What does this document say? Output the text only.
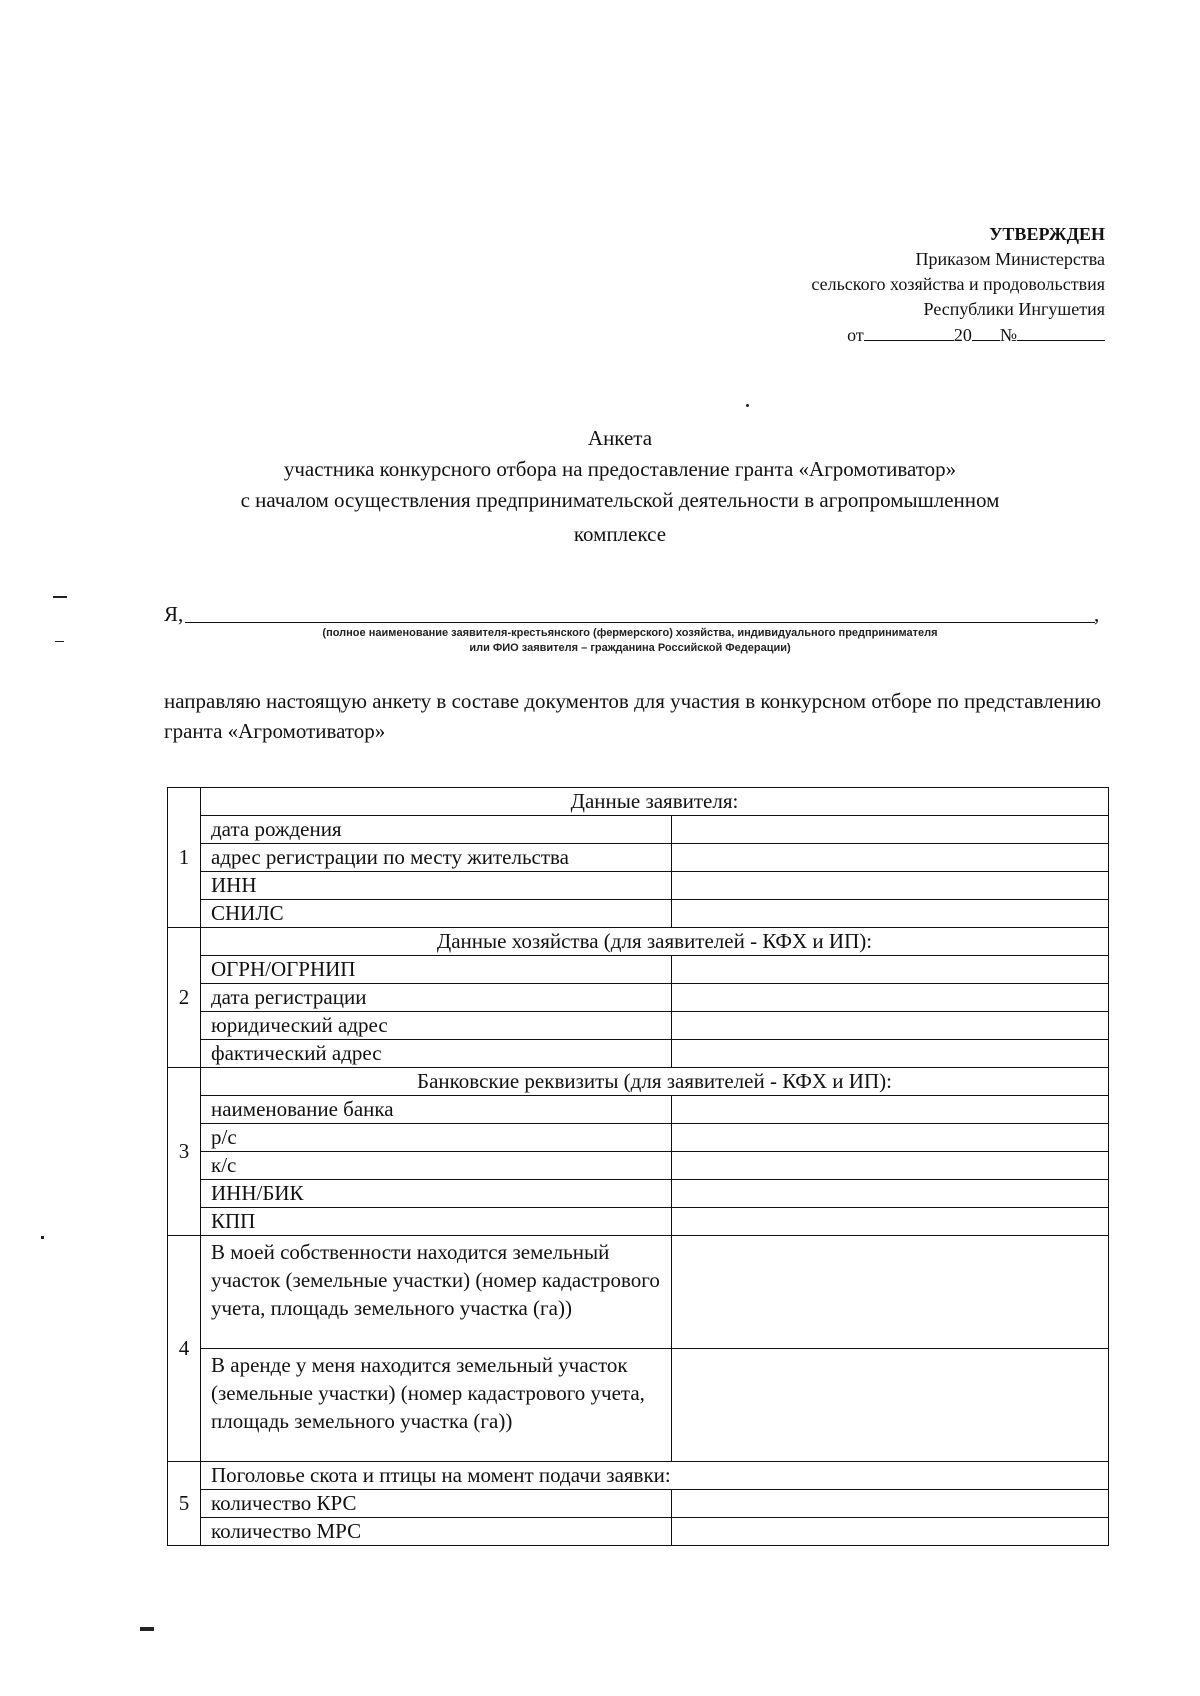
УТВЕРЖДЕН
Приказом Министерства
сельского хозяйства и продовольствия
Республики Ингушетия
от	20 №
Анкета
участника конкурсного отбора на предоставление гранта «Агромотиватор»
с началом осуществления предпринимательской деятельности в агропромышленном
комплексе
Я,	,
(полное наименование заявителя-крестьянского (фермерского) хозяйства, индивидуального предпринимателя
или ФИО заявителя – гражданина Российской Федерации)
направляю настоящую анкету в составе документов для участия в конкурсном отборе по представлению гранта «Агромотиватор»
1	Данные заявителя:	
	дата рождения	
	адрес регистрации по месту жительства	
	ИНН	
	СНИЛС	
2	Данные хозяйства (для заявителей - КФХ и ИП):	
	ОГРН/ОГРНИП	
	дата регистрации	
	юридический адрес	
	фактический адрес	
3	Банковские реквизиты (для заявителей - КФХ и ИП):	
	наименование банка	
	р/с	
	к/с	
	ИНН/БИК	
	КПП	
4	В моей собственности находится земельный участок (земельные участки) (номер кадастрового учета, площадь земельного участка (га))	
	В аренде у меня находится земельный участок (земельные участки) (номер кадастрового учета, площадь земельного участка (га))	
5	Поголовье скота и птицы на момент подачи заявки:	
	количество КРС	
	количество МРС	
